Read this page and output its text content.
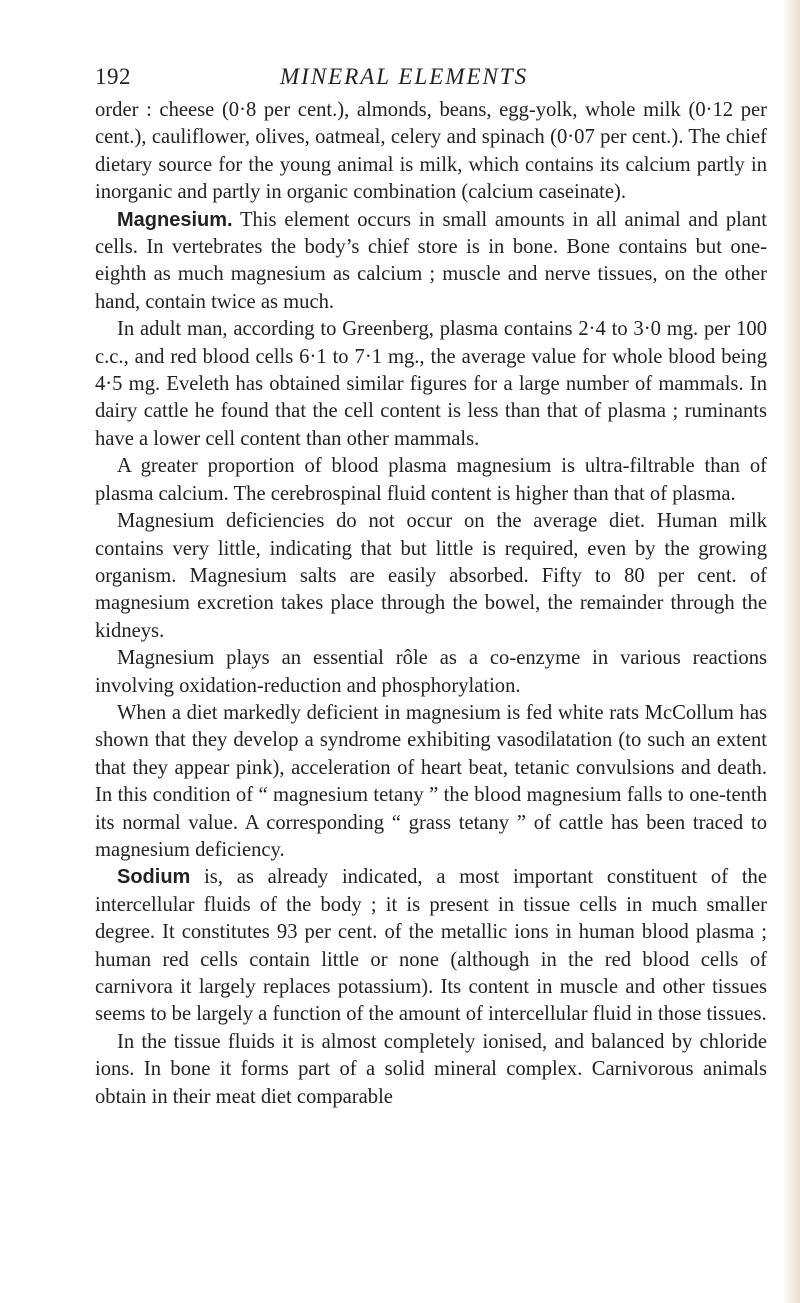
192	MINERAL ELEMENTS

order : cheese (0·8 per cent.), almonds, beans, egg-yolk, whole milk (0·12 per cent.), cauliflower, olives, oatmeal, celery and spinach (0·07 per cent.). The chief dietary source for the young animal is milk, which contains its calcium partly in inorganic and partly in organic combination (calcium caseinate).

Magnesium. This element occurs in small amounts in all animal and plant cells. In vertebrates the body’s chief store is in bone. Bone contains but one-eighth as much magnesium as calcium ; muscle and nerve tissues, on the other hand, contain twice as much.

In adult man, according to Greenberg, plasma contains 2·4 to 3·0 mg. per 100 c.c., and red blood cells 6·1 to 7·1 mg., the average value for whole blood being 4·5 mg. Eveleth has obtained similar figures for a large number of mammals. In dairy cattle he found that the cell content is less than that of plasma ; ruminants have a lower cell content than other mammals.

A greater proportion of blood plasma magnesium is ultra-filtrable than of plasma calcium. The cerebrospinal fluid content is higher than that of plasma.

Magnesium deficiencies do not occur on the average diet. Human milk contains very little, indicating that but little is required, even by the growing organism. Magnesium salts are easily absorbed. Fifty to 80 per cent. of magnesium excretion takes place through the bowel, the remainder through the kidneys.

Magnesium plays an essential rôle as a co-enzyme in various reactions involving oxidation-reduction and phosphorylation.

When a diet markedly deficient in magnesium is fed white rats McCollum has shown that they develop a syndrome exhibiting vasodilatation (to such an extent that they appear pink), acceleration of heart beat, tetanic convulsions and death. In this condition of “ magnesium tetany ” the blood magnesium falls to one-tenth its normal value. A corresponding “ grass tetany ” of cattle has been traced to magnesium deficiency.

Sodium is, as already indicated, a most important constituent of the intercellular fluids of the body ; it is present in tissue cells in much smaller degree. It constitutes 93 per cent. of the metallic ions in human blood plasma ; human red cells contain little or none (although in the red blood cells of carnivora it largely replaces potassium). Its content in muscle and other tissues seems to be largely a function of the amount of intercellular fluid in those tissues.

In the tissue fluids it is almost completely ionised, and balanced by chloride ions. In bone it forms part of a solid mineral complex. Carnivorous animals obtain in their meat diet comparable
